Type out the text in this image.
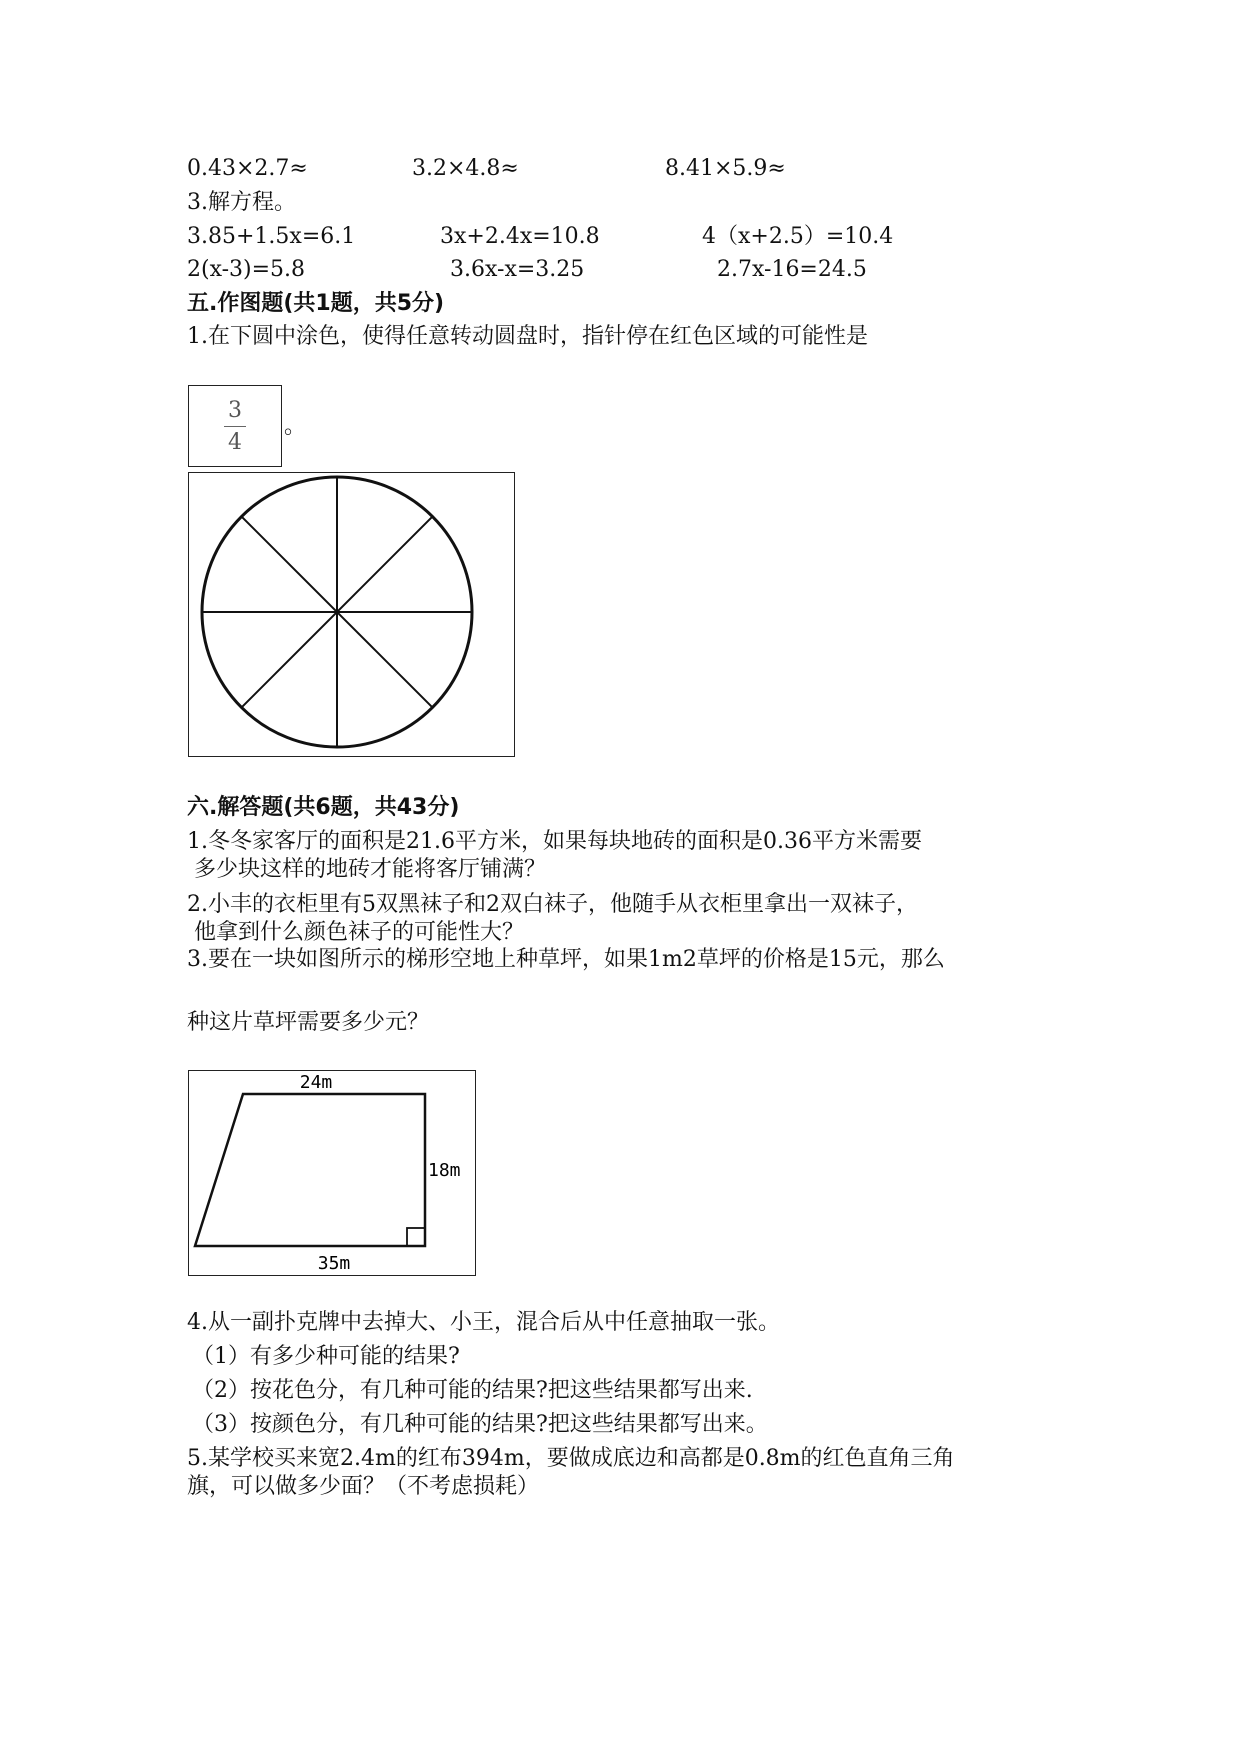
0.43×2.7≈	3.2×4.8≈	8.41×5.9≈
3.解方程。
3.85+1.5x=6.1	3x+2.4x=10.8	4（x+2.5）=10.4
2(x-3)=5.8	3.6x-x=3.25	2.7x-16=24.5
五.作图题(共1题，共5分)
1.在下圆中涂色，使得任意转动圆盘时，指针停在红色区域的可能性是
3
4
。
六.解答题(共6题，共43分)
1.冬冬家客厅的面积是21.6平方米，如果每块地砖的面积是0.36平方米需要
多少块这样的地砖才能将客厅铺满？
2.小丰的衣柜里有5双黑袜子和2双白袜子，他随手从衣柜里拿出一双袜子，
他拿到什么颜色袜子的可能性大？
3.要在一块如图所示的梯形空地上种草坪，如果1m2草坪的价格是15元，那么
种这片草坪需要多少元？
24m
18m
35m
4.从一副扑克牌中去掉大、小王，混合后从中任意抽取一张。
（1）有多少种可能的结果?
（2）按花色分，有几种可能的结果?把这些结果都写出来.
（3）按颜色分，有几种可能的结果?把这些结果都写出来。
5.某学校买来宽2.4m的红布394m，要做成底边和高都是0.8m的红色直角三角
旗，可以做多少面？（不考虑损耗）
